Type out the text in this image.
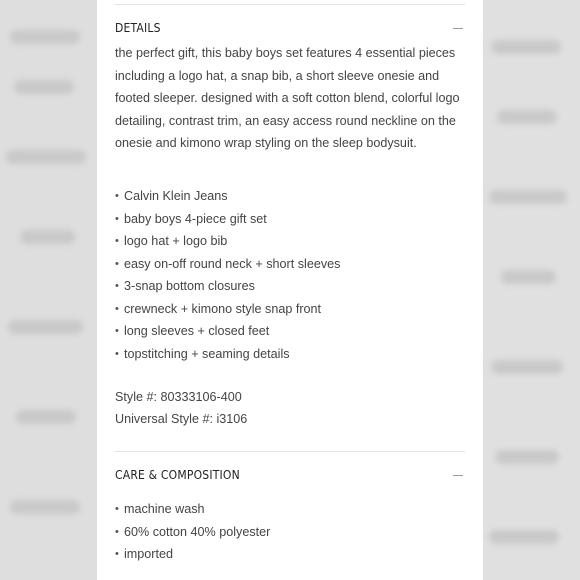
DETAILS

the perfect gift, this baby boys set features 4 essential pieces including a logo hat, a snap bib, a short sleeve onesie and footed sleeper. designed with a soft cotton blend, colorful logo detailing, contrast trim, an easy access round neckline on the onesie and kimono wrap styling on the sleep bodysuit.

• Calvin Klein Jeans
• baby boys 4-piece gift set
• logo hat + logo bib
• easy on-off round neck + short sleeves
• 3-snap bottom closures
• crewneck + kimono style snap front
• long sleeves + closed feet
• topstitching + seaming details
Style #: 80333106-400
Universal Style #: i3106
CARE & COMPOSITION
• machine wash
• 60% cotton 40% polyester
• imported
